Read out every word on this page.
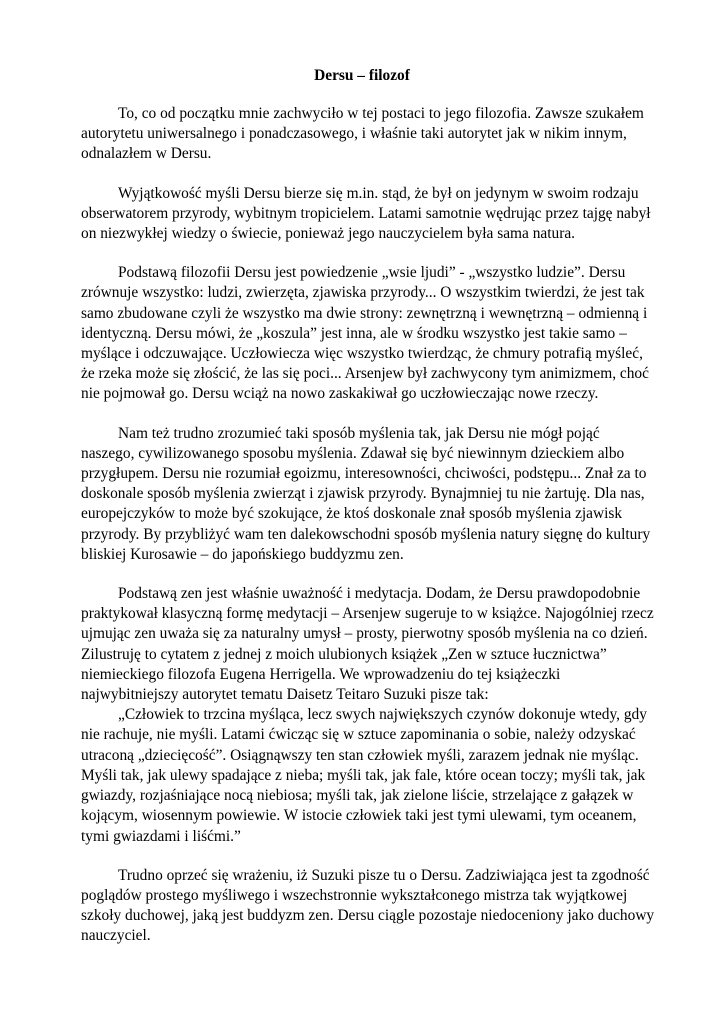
Dersu – filozof

To, co od początku mnie zachwyciło w tej postaci to jego filozofia. Zawsze szukałem autorytetu uniwersalnego i ponadczasowego, i właśnie taki autorytet jak w nikim innym, odnalazłem w Dersu.

Wyjątkowość myśli Dersu bierze się m.in. stąd, że był on jedynym w swoim rodzaju obserwatorem przyrody, wybitnym tropicielem. Latami samotnie wędrując przez tajgę nabył on niezwykłej wiedzy o świecie, ponieważ jego nauczycielem była sama natura.

Podstawą filozofii Dersu jest powiedzenie „wsie ljudi” - „wszystko ludzie”. Dersu zrównuje wszystko: ludzi, zwierzęta, zjawiska przyrody... O wszystkim twierdzi, że jest tak samo zbudowane czyli że wszystko ma dwie strony: zewnętrzną i wewnętrzną – odmienną i identyczną. Dersu mówi, że „koszula” jest inna, ale w środku wszystko jest takie samo – myślące i odczuwające. Uczłowiecza więc wszystko twierdząc, że chmury potrafią myśleć, że rzeka może się złościć, że las się poci... Arsenjew był zachwycony tym animizmem, choć nie pojmował go. Dersu wciąż na nowo zaskakiwał go uczłowieczając nowe rzeczy.

Nam też trudno zrozumieć taki sposób myślenia tak, jak Dersu nie mógł pojąć naszego, cywilizowanego sposobu myślenia. Zdawał się być niewinnym dzieckiem albo przygłupem. Dersu nie rozumiał egoizmu, interesowności, chciwości, podstępu... Znał za to doskonale sposób myślenia zwierząt i zjawisk przyrody. Bynajmniej tu nie żartuję. Dla nas, europejczyków to może być szokujące, że ktoś doskonale znał sposób myślenia zjawisk przyrody. By przybliżyć wam ten dalekowschodni sposób myślenia natury sięgnę do kultury bliskiej Kurosawie – do japońskiego buddyzmu zen.

Podstawą zen jest właśnie uważność i medytacja. Dodam, że Dersu prawdopodobnie praktykował klasyczną formę medytacji – Arsenjew sugeruje to w książce. Najogólniej rzecz ujmując zen uważa się za naturalny umysł – prosty, pierwotny sposób myślenia na co dzień. Zilustruję to cytatem z jednej z moich ulubionych książek „Zen w sztuce łucznictwa” niemieckiego filozofa Eugena Herrigella. We wprowadzeniu do tej książeczki najwybitniejszy autorytet tematu Daisetz Teitaro Suzuki pisze tak:

„Człowiek to trzcina myśląca, lecz swych największych czynów dokonuje wtedy, gdy nie rachuje, nie myśli. Latami ćwicząc się w sztuce zapominania o sobie, należy odzyskać utraconą „dziecięcość”. Osiągnąwszy ten stan człowiek myśli, zarazem jednak nie myśląc. Myśli tak, jak ulewy spadające z nieba; myśli tak, jak fale, które ocean toczy; myśli tak, jak gwiazdy, rozjaśniające nocą niebiosa; myśli tak, jak zielone liście, strzelające z gałązek w kojącym, wiosennym powiewie. W istocie człowiek taki jest tymi ulewami, tym oceanem, tymi gwiazdami i liśćmi.”

Trudno oprzeć się wrażeniu, iż Suzuki pisze tu o Dersu. Zadziwiająca jest ta zgodność poglądów prostego myśliwego i wszechstronnie wykształconego mistrza tak wyjątkowej szkoły duchowej, jaką jest buddyzm zen. Dersu ciągle pozostaje niedoceniony jako duchowy nauczyciel.
